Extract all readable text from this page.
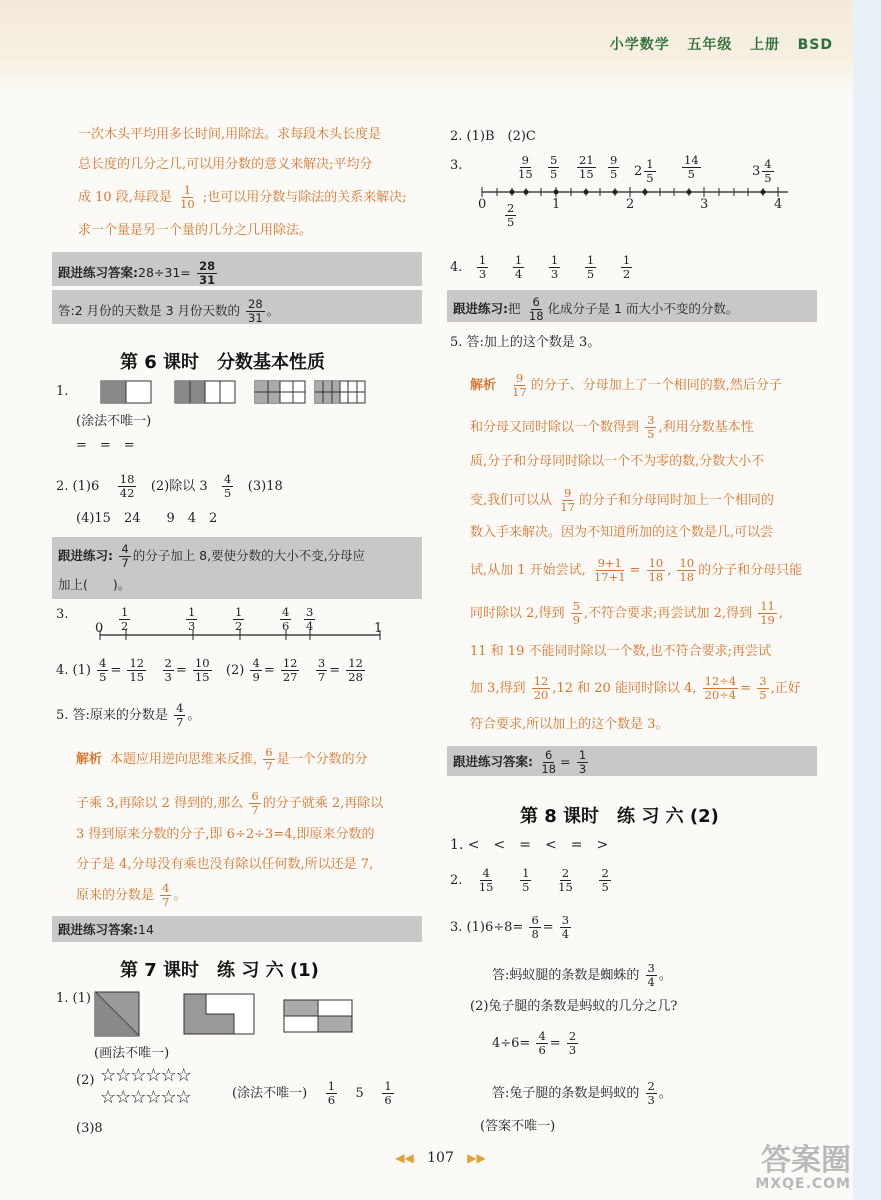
小学数学 五年级 上册 BSD
一次木头平均用多长时间,用除法。求每段木头长度是
总长度的几分之几,可以用分数的意义来解决;平均分
成 10 段,每段是 $\frac{1}{10}$ ;也可以用分数与除法的关系来解决;
求一个量是另一个量的几分之几用除法。
跟进练习答案:28÷31= $\frac{28}{31}$
答:2 月份的天数是 3 月份天数的 $\frac{28}{31}$ 。
第 6 课时　分数基本性质
1.
(涂法不唯一)
=　=　=
2. $(1)6 \frac{18}{42} (2)$除以 $3 \frac{4}{5} (3)18$
(4)15　24　　9　4　2
跟进练习: $\frac{4}{7}$ 的分子加上 8,要使分数的大小不变,分母应
加上(　　)。
3.
0	1
$\frac{1}{2}$	$\frac{1}{3}$	$\frac{1}{2}$	$\frac{4}{6} \frac{3}{4}$
4. $(1) \frac{4}{5} = \frac{12}{15}$
$\frac{2}{3} = \frac{10}{15} (2) \frac{4}{9} = \frac{12}{27}$
$\frac{3}{7} = \frac{12}{28}$
5. 答:原来的分数是 $\frac{4}{7}$ 。
解析 本题应用逆向思维来反推, $\frac{6}{7}$ 是一个分数的分
子乘 3,再除以 2 得到的,那么 $\frac{6}{7}$ 的分子就乘 2,再除以
3 得到原来分数的分子,即 6÷2÷3=4,即原来分数的
分子是 4,分母没有乘也没有除以任何数,所以还是 7,
原来的分数是 $\frac{4}{7}$ 。
跟进练习答案:14
第 7 课时　练 习 六 (1)
1. (1)
(画法不唯一)
(2) ☆☆☆☆☆☆
☆☆☆☆☆☆	(涂法不唯一) $\frac{1}{6} 5 \frac{1}{6}$
(3)8
2. (1)B　(2)C
3.
0	1	2	3	4
$\frac{9}{15} \frac{5}{5} \frac{21}{15} \frac{9}{5} 2 \frac{1}{5} \frac{14}{5}$	$3 \frac{4}{5}$
$\frac{2}{5}$
4. $\frac{1}{3}$
$\frac{1}{4}$
$\frac{1}{3}$
$\frac{1}{5}$
$\frac{1}{2}$
跟进练习:把 $\frac{6}{18}$ 化成分子是 1 而大小不变的分数。
5. 答:加上的这个数是 3。
解析 $\frac{9}{17}$ 的分子、分母加上了一个相同的数,然后分子
和分母又同时除以一个数得到 $\frac{3}{5}$ ,利用分数基本性
质,分子和分母同时除以一个不为零的数,分数大小不
变,我们可以从 $\frac{9}{17}$ 的分子和分母同时加上一个相同的
数入手来解决。因为不知道所加的这个数是几,可以尝
试,从加 1 开始尝试, $\frac{9+1}{17+1} = \frac{10}{18}$ , $\frac{10}{18}$ 的分子和分母只能
同时除以 2,得到 $\frac{5}{9}$ ,不符合要求;再尝试加 2,得到 $\frac{11}{19}$ ,
11 和 19 不能同时除以一个数,也不符合要求;再尝试
加 3,得到 $\frac{12}{20} ,12$ 和 20 能同时除以 4, $\frac{12\div 4}{20\div 4} = \frac{3}{5}$ ,正好
符合要求,所以加上的这个数是 3。
跟进练习答案: $\frac{6}{18} = \frac{1}{3}$
第 8 课时　练 习 六 (2)
1. <　<　=　<　=　>
2. $\frac{4}{15}$
$\frac{1}{5}$
$\frac{2}{15}$
$\frac{2}{5}$
3. $(1)6\div 8= \frac{6}{8} = \frac{3}{4}$
答:蚂蚁腿的条数是蜘蛛的 $\frac{3}{4}$ 。
(2)兔子腿的条数是蚂蚁的几分之几?
$4\div 6= \frac{4}{6} = \frac{2}{3}$
答:兔子腿的条数是蚂蚁的 $\frac{2}{3}$ 。
(答案不唯一)
◀◀ 107 ▶▶	答案圈
MXQE.COM
